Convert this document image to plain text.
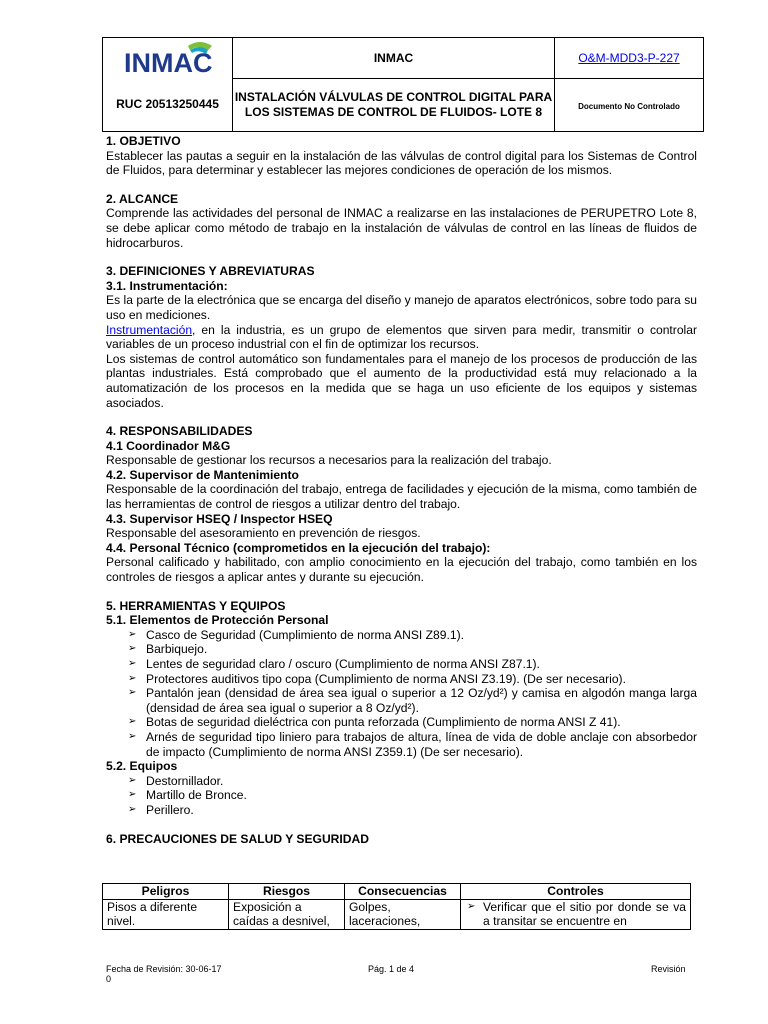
INMAC	INMAC	O&M-MDD3-P-227
RUC 20513250445	INSTALACIÓN VÁLVULAS DE CONTROL DIGITAL PARA LOS SISTEMAS DE CONTROL DE FLUIDOS- LOTE 8	Documento No Controlado
1. OBJETIVO

Establecer las pautas a seguir en la instalación de las válvulas de control digital para los Sistemas de Control de Fluidos, para determinar y establecer las mejores condiciones de operación de los mismos.

2. ALCANCE

Comprende las actividades del personal de INMAC a realizarse en las instalaciones de PERUPETRO Lote 8, se debe aplicar como método de trabajo en la instalación de válvulas de control en las líneas de fluidos de hidrocarburos.

3. DEFINICIONES Y ABREVIATURAS
3.1. Instrumentación:

Es la parte de la electrónica que se encarga del diseño y manejo de aparatos electrónicos, sobre todo para su uso en mediciones.

Instrumentación, en la industria, es un grupo de elementos que sirven para medir, transmitir o controlar variables de un proceso industrial con el fin de optimizar los recursos.

Los sistemas de control automático son fundamentales para el manejo de los procesos de producción de las plantas industriales. Está comprobado que el aumento de la productividad está muy relacionado a la automatización de los procesos en la medida que se haga un uso eficiente de los equipos y sistemas asociados.

4. RESPONSABILIDADES
4.1 Coordinador M&G

Responsable de gestionar los recursos a necesarios para la realización del trabajo.

4.2. Supervisor de Mantenimiento

Responsable de la coordinación del trabajo, entrega de facilidades y ejecución de la misma, como también de las herramientas de control de riesgos a utilizar dentro del trabajo.

4.3. Supervisor HSEQ / Inspector HSEQ

Responsable del asesoramiento en prevención de riesgos.

4.4. Personal Técnico (comprometidos en la ejecución del trabajo):

Personal calificado y habilitado, con amplio conocimiento en la ejecución del trabajo, como también en los controles de riesgos a aplicar antes y durante su ejecución.

5. HERRAMIENTAS Y EQUIPOS
5.1. Elementos de Protección Personal
➢ Casco de Seguridad (Cumplimiento de norma ANSI Z89.1).
➢ Barbiquejo.
➢ Lentes de seguridad claro / oscuro (Cumplimiento de norma ANSI Z87.1).
➢ Protectores auditivos tipo copa (Cumplimiento de norma ANSI Z3.19). (De ser necesario).
➢ Pantalón jean (densidad de área sea igual o superior a 12 Oz/yd²) y camisa en algodón manga larga (densidad de área sea igual o superior a 8 Oz/yd²).
➢ Botas de seguridad dieléctrica con punta reforzada (Cumplimiento de norma ANSI Z 41).
➢ Arnés de seguridad tipo liniero para trabajos de altura, línea de vida de doble anclaje con absorbedor de impacto (Cumplimiento de norma ANSI Z359.1) (De ser necesario).
5.2. Equipos
➢ Destornillador.
➢ Martillo de Bronce.
➢ Perillero.
6. PRECAUCIONES DE SALUD Y SEGURIDAD
Peligros	Riesgos	Consecuencias	Controles
Pisos a diferente nivel.	Exposición a caídas a desnivel,	Golpes, laceraciones,	➢ Verificar que el sitio por donde se va a transitar se encuentre en
Fecha de Revisión: 30-06-17
0
Pág. 1 de 4	Revisión
